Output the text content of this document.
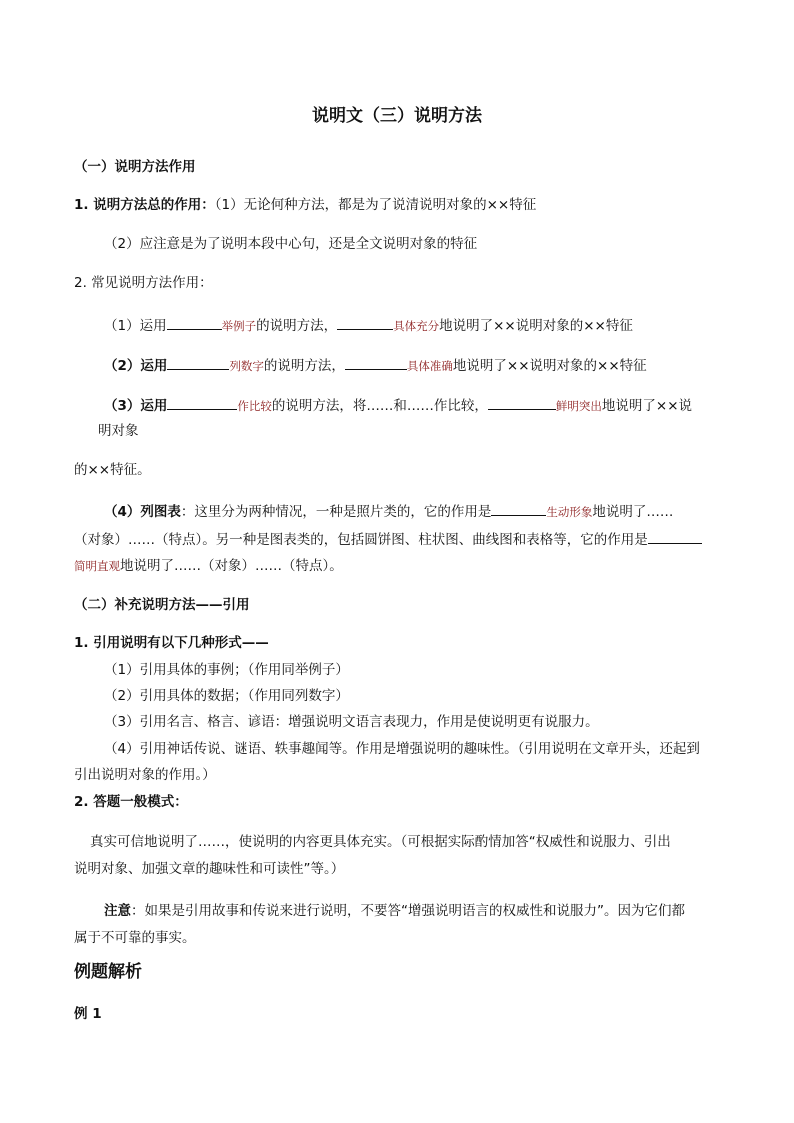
说明文（三）说明方法
（一）说明方法作用
1. 说明方法总的作用：（1）无论何种方法，都是为了说清说明对象的××特征
（2）应注意是为了说明本段中心句，还是全文说明对象的特征
2. 常见说明方法作用：
（1）运用	举例子的说明方法，	具体充分地说明了××说明对象的××特征
（2）运用	列数字的说明方法，	具体准确地说明了××说明对象的××特征
（3）运用	作比较的说明方法，将……和……作比较，	鲜明突出地说明了××说
明对象
的××特征。
（4）列图表：这里分为两种情况，一种是照片类的，它的作用是	生动形象地说明了……
（对象）……（特点）。另一种是图表类的，包括圆饼图、柱状图、曲线图和表格等，它的作用是
简明直观地说明了……（对象）……（特点）。
（二）补充说明方法——引用
1. 引用说明有以下几种形式——
（1）引用具体的事例；（作用同举例子）
（2）引用具体的数据；（作用同列数字）
（3）引用名言、格言、谚语：增强说明文语言表现力，作用是使说明更有说服力。
（4）引用神话传说、谜语、轶事趣闻等。作用是增强说明的趣味性。（引用说明在文章开头，还起到
引出说明对象的作用。）
2. 答题一般模式：
真实可信地说明了……，使说明的内容更具体充实。（可根据实际酌情加答“权威性和说服力、引出
说明对象、加强文章的趣味性和可读性”等。）
注意：如果是引用故事和传说来进行说明，不要答“增强说明语言的权威性和说服力”。因为它们都
属于不可靠的事实。
例题解析
例 1
